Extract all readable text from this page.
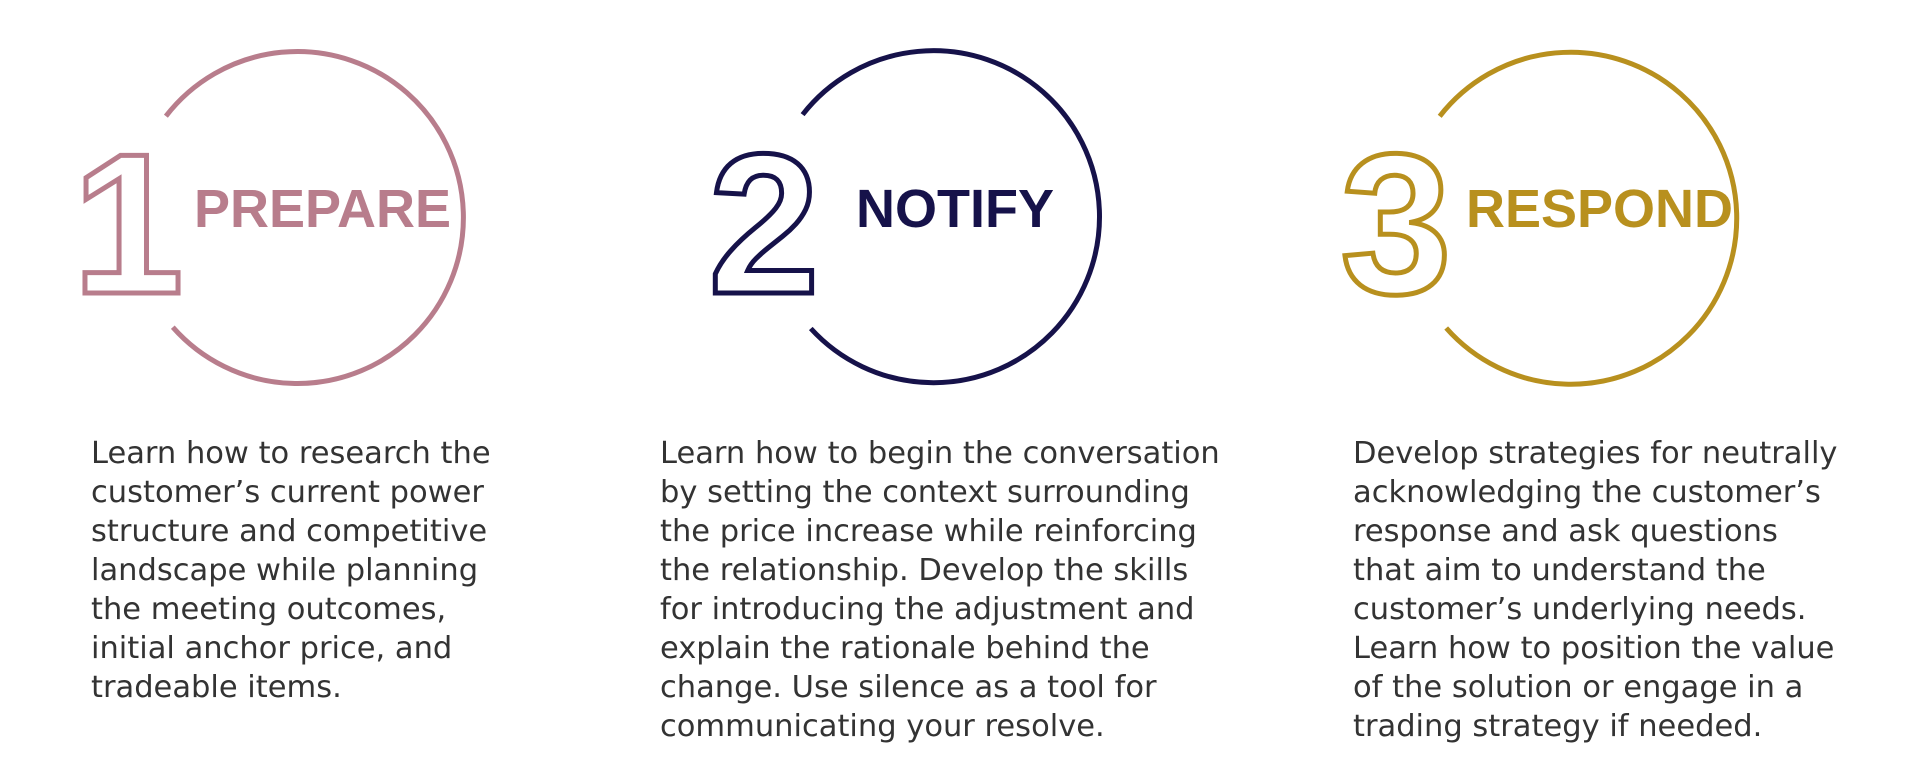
1 PREPARE
Learn how to research the
customer’s current power
structure and competitive
landscape while planning
the meeting outcomes,
initial anchor price, and
tradeable items.
2 NOTIFY
Learn how to begin the conversation
by setting the context surrounding
the price increase while reinforcing
the relationship. Develop the skills
for introducing the adjustment and
explain the rationale behind the
change. Use silence as a tool for
communicating your resolve.
3 RESPOND
Develop strategies for neutrally
acknowledging the customer’s
response and ask questions
that aim to understand the
customer’s underlying needs.
Learn how to position the value
of the solution or engage in a
trading strategy if needed.
